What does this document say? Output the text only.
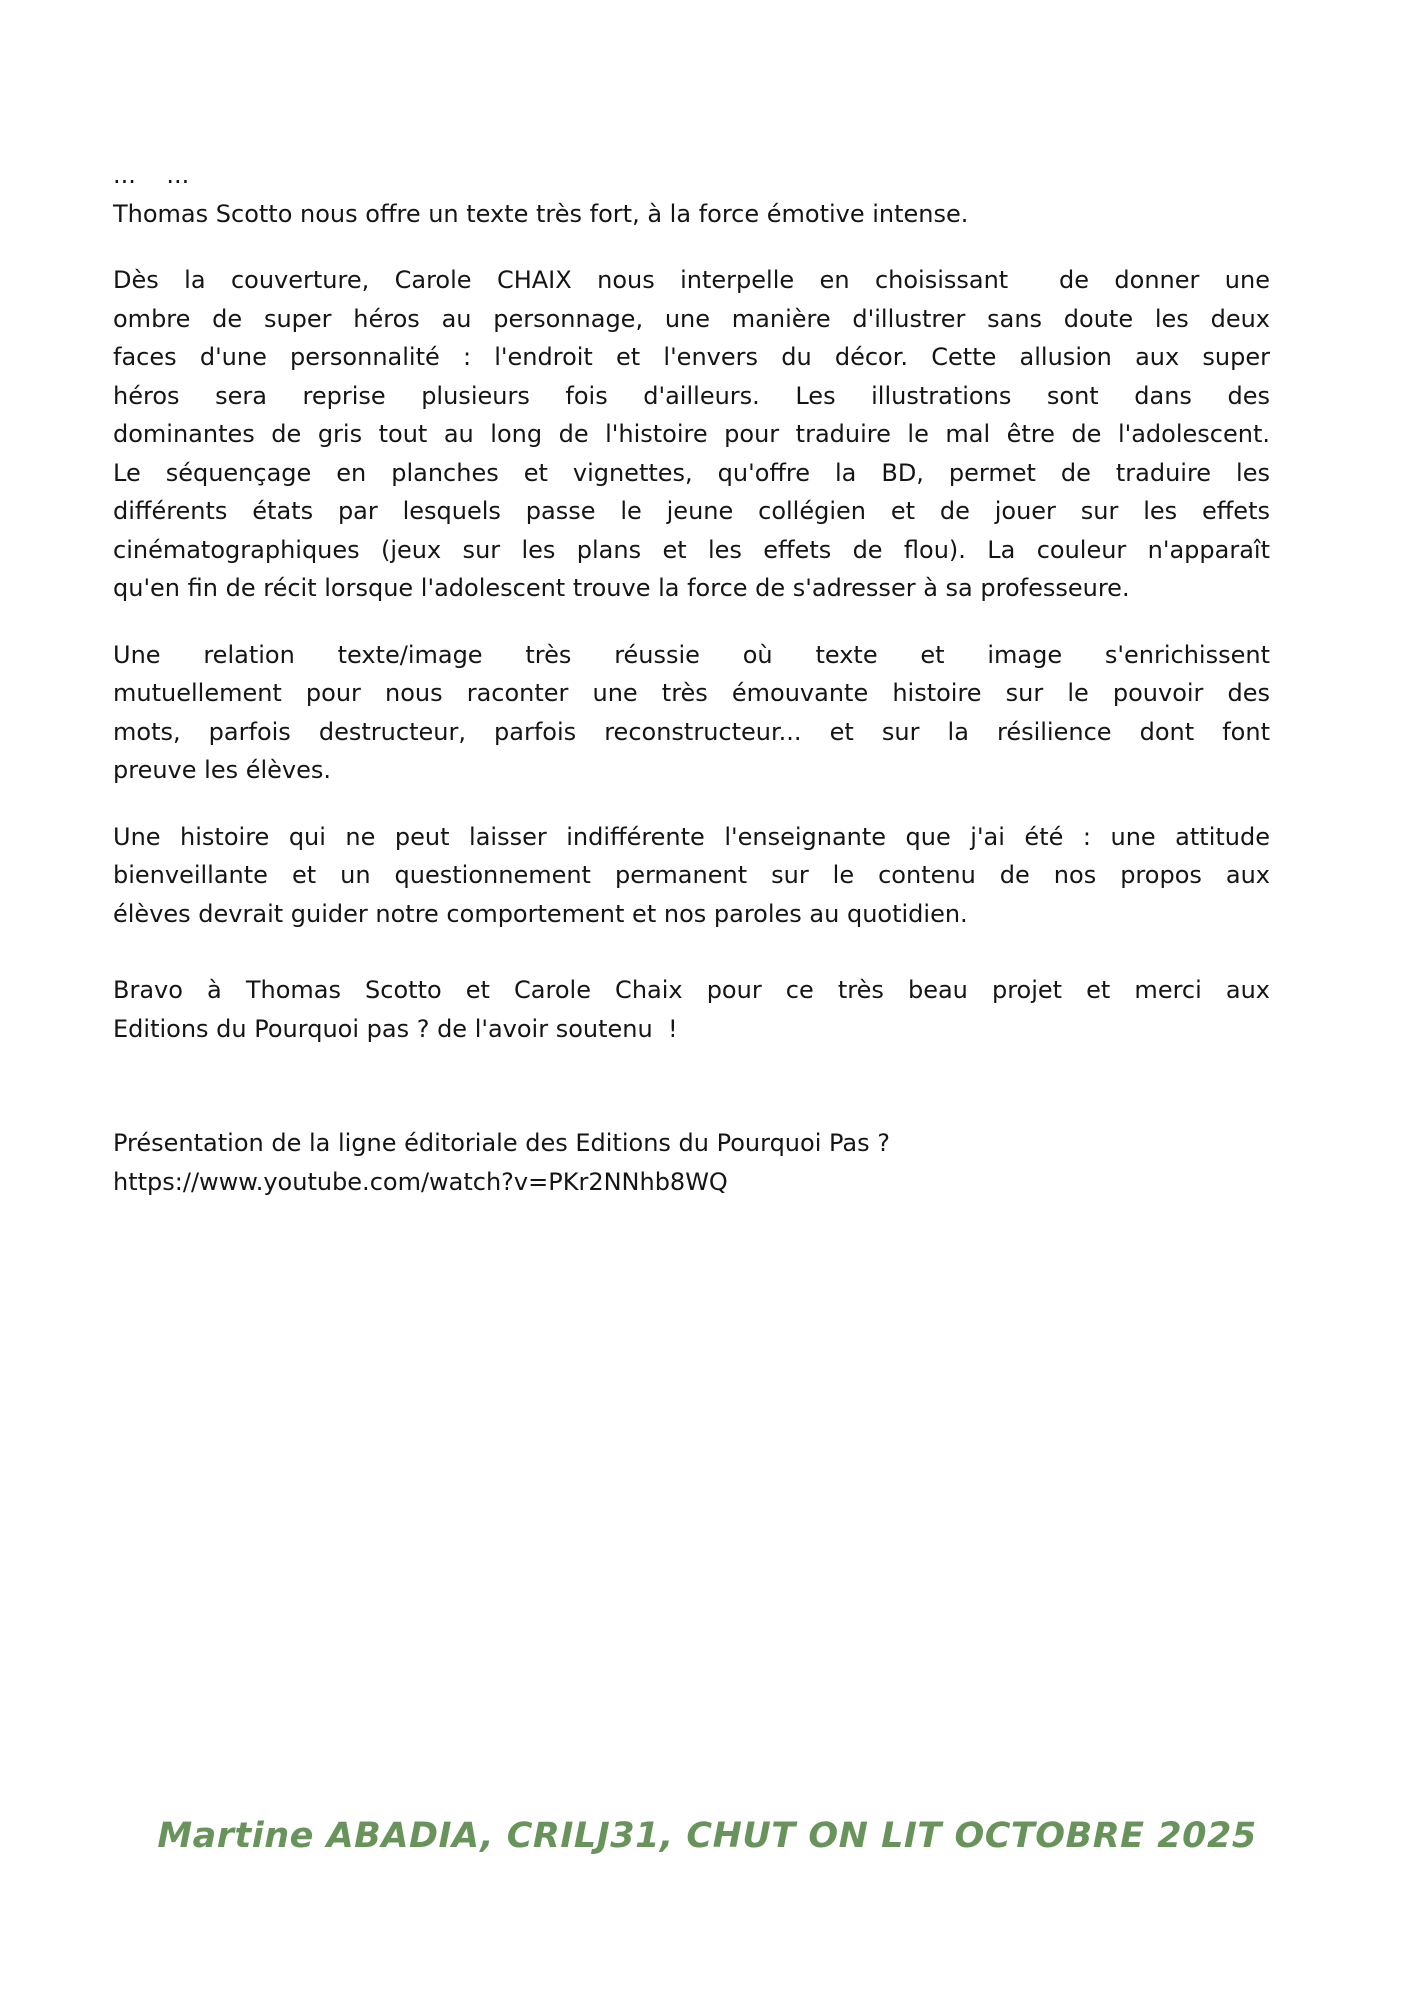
...    ...
Thomas Scotto nous offre un texte très fort, à la force émotive intense.
Dès la couverture, Carole CHAIX nous interpelle en choisissant  de donner une
ombre de super héros au personnage, une manière d'illustrer sans doute les deux
faces d'une personnalité : l'endroit et l'envers du décor. Cette allusion aux super
héros sera reprise plusieurs fois d'ailleurs. Les illustrations sont dans des
dominantes de gris tout au long de l'histoire pour traduire le mal être de l'adolescent.
Le séquençage en planches et vignettes, qu'offre la BD, permet de traduire les
différents états par lesquels passe le jeune collégien et de jouer sur les effets
cinématographiques (jeux sur les plans et les effets de flou). La couleur n'apparaît
qu'en fin de récit lorsque l'adolescent trouve la force de s'adresser à sa professeure.
Une relation texte/image très réussie où texte et image s'enrichissent
mutuellement pour nous raconter une très émouvante histoire sur le pouvoir des
mots, parfois destructeur, parfois reconstructeur... et sur la résilience dont font
preuve les élèves.
Une histoire qui ne peut laisser indifférente l'enseignante que j'ai été : une attitude
bienveillante et un questionnement permanent sur le contenu de nos propos aux
élèves devrait guider notre comportement et nos paroles au quotidien.
Bravo à Thomas Scotto et Carole Chaix pour ce très beau projet et merci aux
Editions du Pourquoi pas ? de l'avoir soutenu  !
Présentation de la ligne éditoriale des Editions du Pourquoi Pas ?
https://www.youtube.com/watch?v=PKr2NNhb8WQ
Martine ABADIA, CRILJ31, CHUT ON LIT OCTOBRE 2025
